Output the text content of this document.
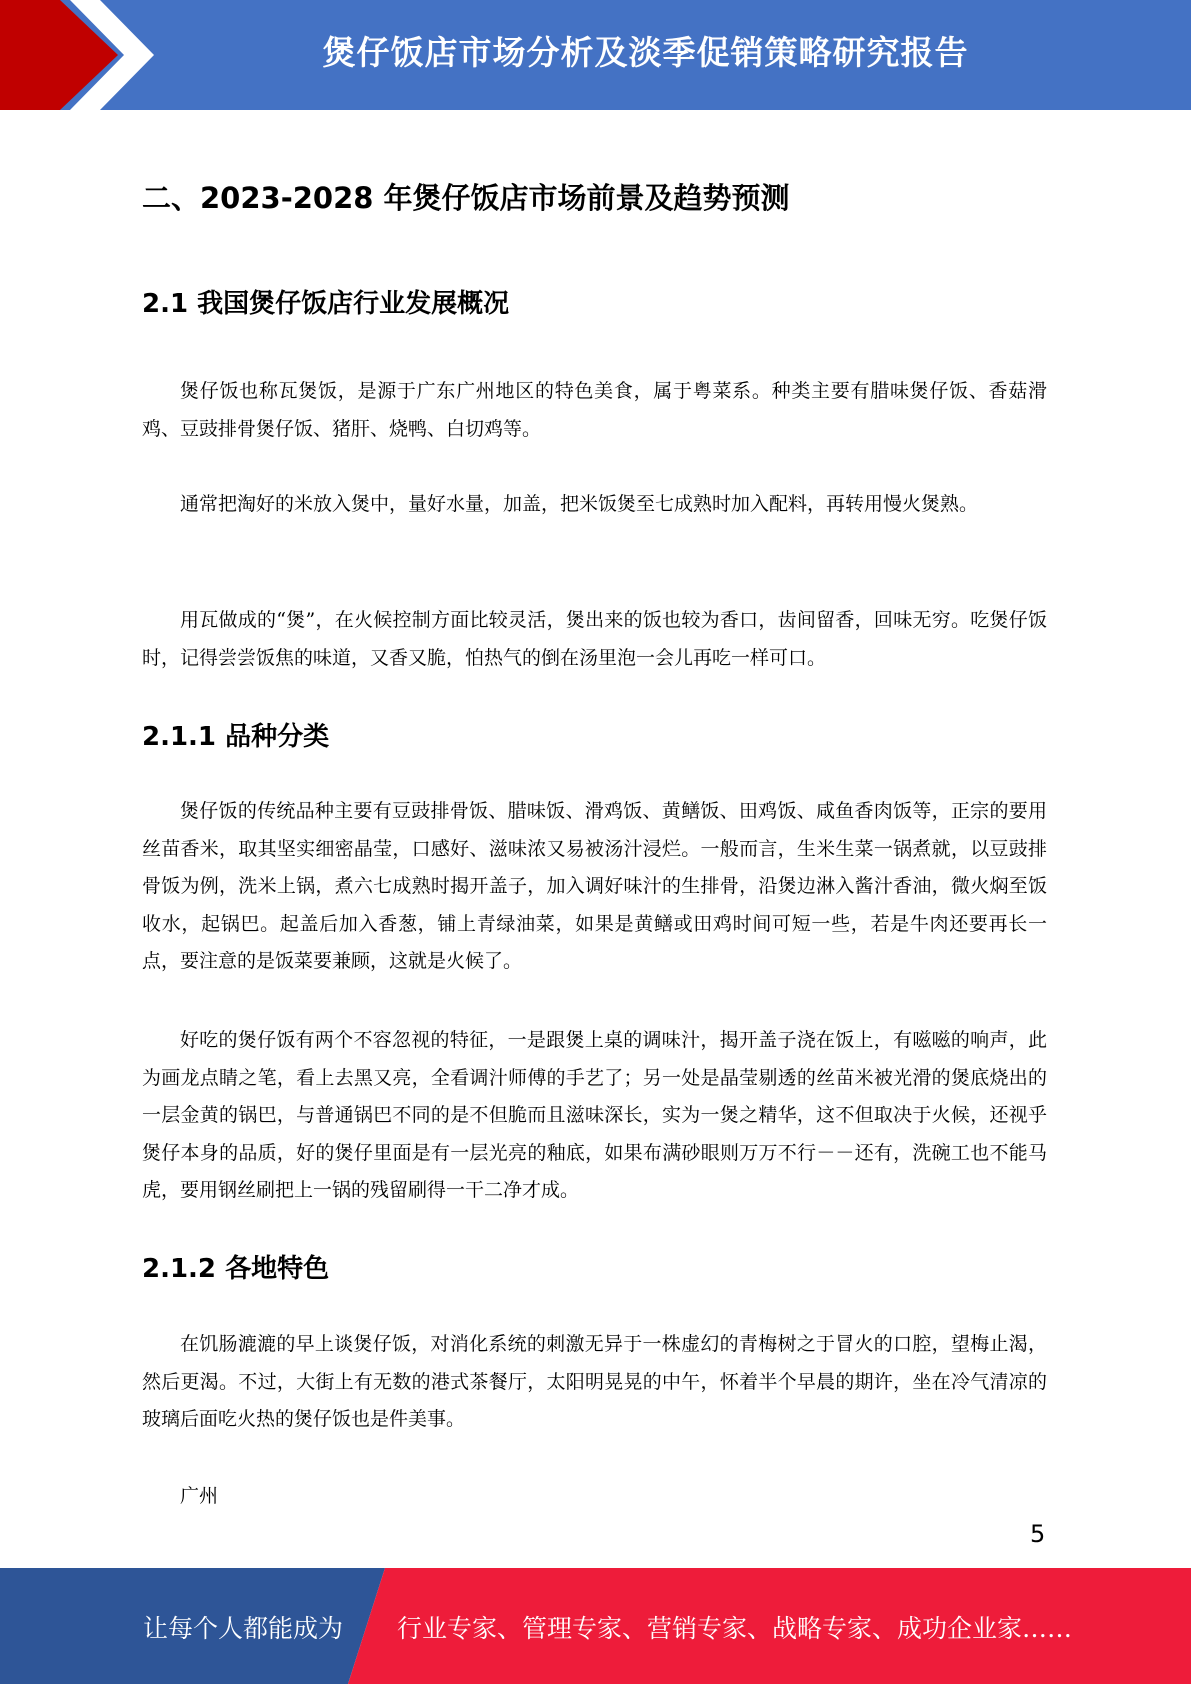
煲仔饭店市场分析及淡季促销策略研究报告
二、2023-2028 年煲仔饭店市场前景及趋势预测
2.1 我国煲仔饭店行业发展概况

煲仔饭也称瓦煲饭，是源于广东广州地区的特色美食，属于粤菜系。种类主要有腊味煲仔饭、香菇滑鸡、豆豉排骨煲仔饭、猪肝、烧鸭、白切鸡等。

通常把淘好的米放入煲中，量好水量，加盖，把米饭煲至七成熟时加入配料，再转用慢火煲熟。

用瓦做成的“煲”，在火候控制方面比较灵活，煲出来的饭也较为香口，齿间留香，回味无穷。吃煲仔饭时，记得尝尝饭焦的味道，又香又脆，怕热气的倒在汤里泡一会儿再吃一样可口。

2.1.1 品种分类

煲仔饭的传统品种主要有豆豉排骨饭、腊味饭、滑鸡饭、黄鳝饭、田鸡饭、咸鱼香肉饭等，正宗的要用丝苗香米，取其坚实细密晶莹，口感好、滋味浓又易被汤汁浸烂。一般而言，生米生菜一锅煮就，以豆豉排骨饭为例，洗米上锅，煮六七成熟时揭开盖子，加入调好味汁的生排骨，沿煲边淋入酱汁香油，微火焖至饭收水，起锅巴。起盖后加入香葱，铺上青绿油菜，如果是黄鳝或田鸡时间可短一些，若是牛肉还要再长一点，要注意的是饭菜要兼顾，这就是火候了。

好吃的煲仔饭有两个不容忽视的特征，一是跟煲上桌的调味汁，揭开盖子浇在饭上，有嗞嗞的响声，此为画龙点睛之笔，看上去黑又亮，全看调汁师傅的手艺了；另一处是晶莹剔透的丝苗米被光滑的煲底烧出的一层金黄的锅巴，与普通锅巴不同的是不但脆而且滋味深长，实为一煲之精华，这不但取决于火候，还视乎煲仔本身的品质，好的煲仔里面是有一层光亮的釉底，如果布满砂眼则万万不行－－还有，洗碗工也不能马虎，要用钢丝刷把上一锅的残留刷得一干二净才成。

2.1.2 各地特色

在饥肠漉漉的早上谈煲仔饭，对消化系统的刺激无异于一株虚幻的青梅树之于冒火的口腔，望梅止渴，然后更渴。不过，大街上有无数的港式茶餐厅，太阳明晃晃的中午，怀着半个早晨的期许，坐在冷气清凉的玻璃后面吃火热的煲仔饭也是件美事。

广州

5
让每个人都能成为 行业专家、管理专家、营销专家、战略专家、成功企业家……
